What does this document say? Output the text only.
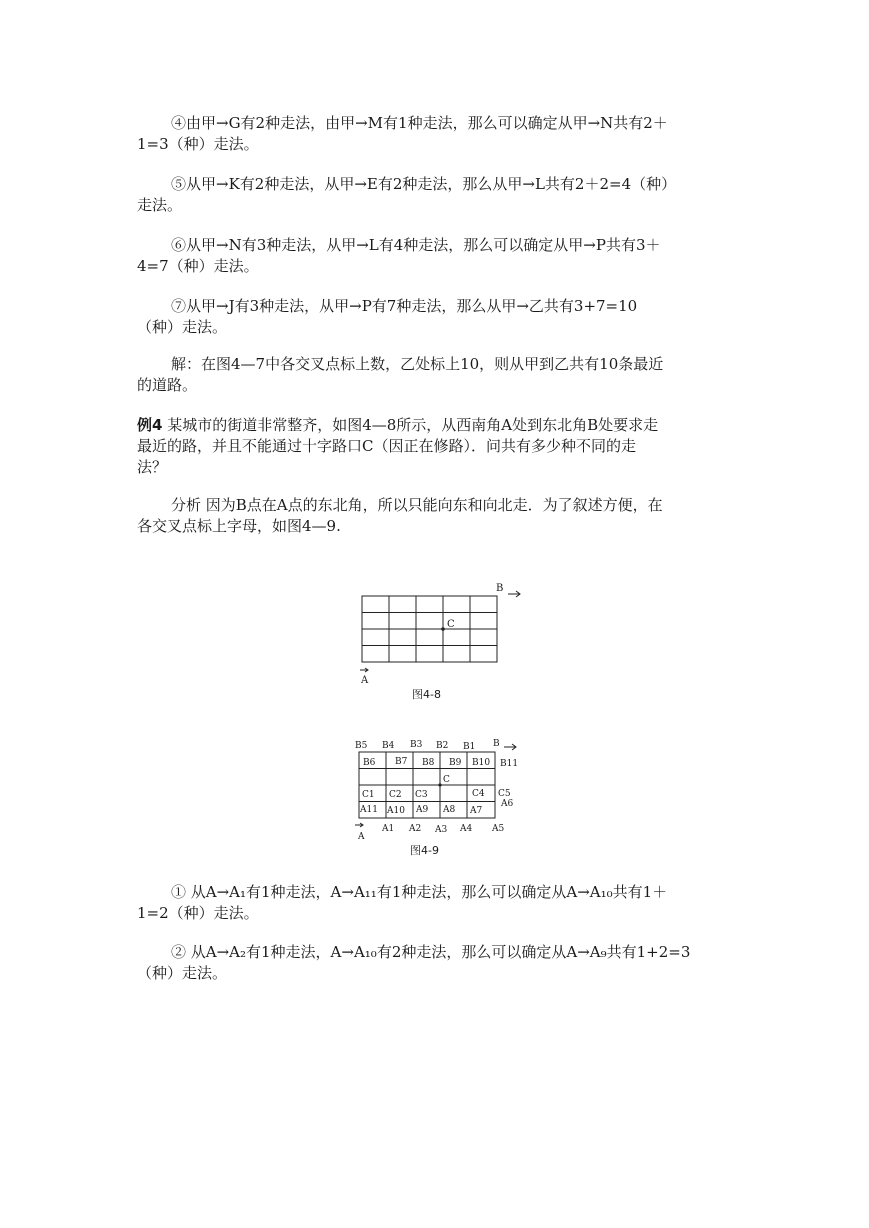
④由甲→G有2种走法，由甲→M有1种走法，那么可以确定从甲→N共有2＋
1=3（种）走法。

⑤从甲→K有2种走法，从甲→E有2种走法，那么从甲→L共有2＋2=4（种）
走法。

⑥从甲→N有3种走法，从甲→L有4种走法，那么可以确定从甲→P共有3＋
4=7（种）走法。

⑦从甲→J有3种走法，从甲→P有7种走法，那么从甲→乙共有3+7=10
（种）走法。

解：在图4—7中各交叉点标上数，乙处标上10，则从甲到乙共有10条最近
的道路。

例4 某城市的街道非常整齐，如图4—8所示，从西南角A处到东北角B处要求走
最近的路，并且不能通过十字路口C（因正在修路）．问共有多少种不同的走
法？

分析 因为B点在A点的东北角，所以只能向东和向北走．为了叙述方便，在
各交叉点标上字母，如图4—9.

C
B
A
图4-8
B5 B4 B3 B2 B1 B
B6 B7 B8 B9 B10 B11
C1 C2 C3
C
C4 C5
A6
A11 A10 A9 A8 A7
A
A1 A2 A3 A4 A5
图4-9

① 从A→A₁有1种走法，A→A₁₁有1种走法，那么可以确定从A→A₁₀共有1＋
1=2（种）走法。

② 从A→A₂有1种走法，A→A₁₀有2种走法，那么可以确定从A→A₉共有1+2=3
（种）走法。
